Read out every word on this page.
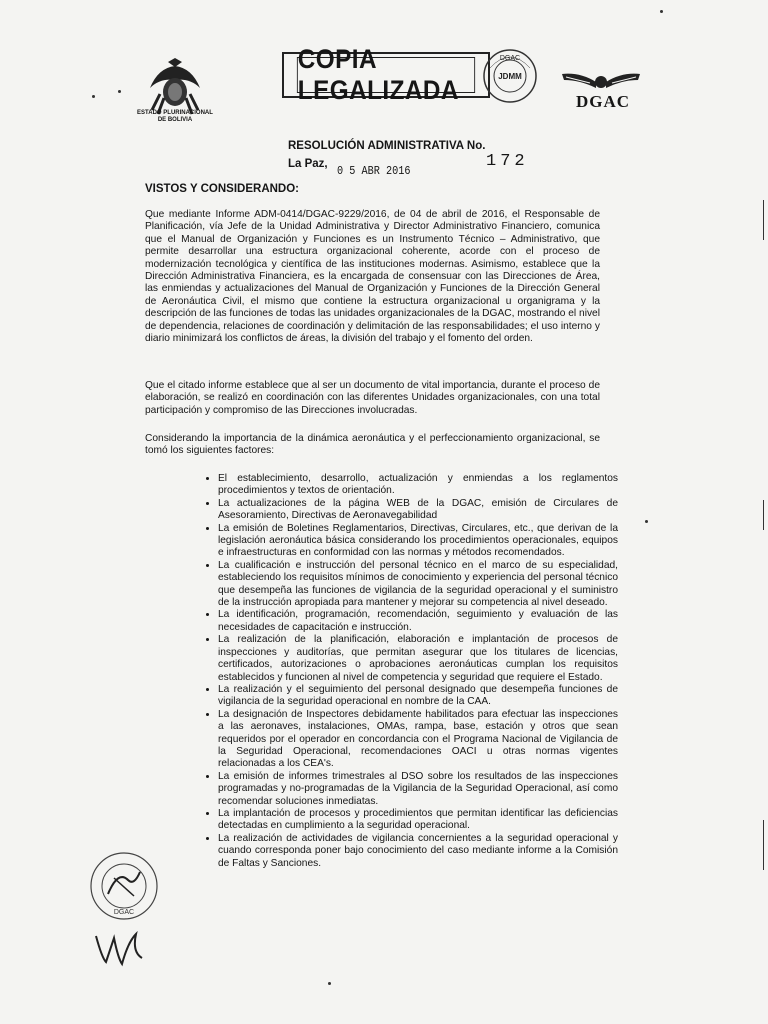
ESTADO PLURINACIONAL
DE BOLIVIA
COPIA LEGALIZADA
DGAC
JDMM
DGAC
RESOLUCIÓN ADMINISTRATIVA No.
La Paz, 0 5 ABR 2016	172
VISTOS Y CONSIDERANDO:
Que mediante Informe ADM-0414/DGAC-9229/2016, de 04 de abril de 2016, el Responsable de Planificación, vía Jefe de la Unidad Administrativa y Director Administrativo Financiero, comunica que el Manual de Organización y Funciones es un Instrumento Técnico – Administrativo, que permite desarrollar una estructura organizacional coherente, acorde con el proceso de modernización tecnológica y científica de las instituciones modernas. Asimismo, establece que la Dirección Administrativa Financiera, es la encargada de consensuar con las Direcciones de Área, las enmiendas y actualizaciones del Manual de Organización y Funciones de la Dirección General de Aeronáutica Civil, el mismo que contiene la estructura organizacional u organigrama y la descripción de las funciones de todas las unidades organizacionales de la DGAC, mostrando el nivel de dependencia, relaciones de coordinación y delimitación de las responsabilidades; el uso interno y diario minimizará los conflictos de áreas, la división del trabajo y el fomento del orden.
Que el citado informe establece que al ser un documento de vital importancia, durante el proceso de elaboración, se realizó en coordinación con las diferentes Unidades organizacionales, con una total participación y compromiso de las Direcciones involucradas.
Considerando la importancia de la dinámica aeronáutica y el perfeccionamiento organizacional, se tomó los siguientes factores:
• El establecimiento, desarrollo, actualización y enmiendas a los reglamentos procedimientos y textos de orientación.
• La actualizaciones de la página WEB de la DGAC, emisión de Circulares de Asesoramiento, Directivas de Aeronavegabilidad
• La emisión de Boletines Reglamentarios, Directivas, Circulares, etc., que derivan de la legislación aeronáutica básica considerando los procedimientos operacionales, equipos e infraestructuras en conformidad con las normas y métodos recomendados.
• La cualificación e instrucción del personal técnico en el marco de su especialidad, estableciendo los requisitos mínimos de conocimiento y experiencia del personal técnico que desempeña las funciones de vigilancia de la seguridad operacional y el suministro de la instrucción apropiada para mantener y mejorar su competencia al nivel deseado.
• La identificación, programación, recomendación, seguimiento y evaluación de las necesidades de capacitación e instrucción.
• La realización de la planificación, elaboración e implantación de procesos de inspecciones y auditorías, que permitan asegurar que los titulares de licencias, certificados, autorizaciones o aprobaciones aeronáuticas cumplan los requisitos establecidos y funcionen al nivel de competencia y seguridad que requiere el Estado.
• La realización y el seguimiento del personal designado que desempeña funciones de vigilancia de la seguridad operacional en nombre de la CAA.
• La designación de Inspectores debidamente habilitados para efectuar las inspecciones a las aeronaves, instalaciones, OMAs, rampa, base, estación y otros que sean requeridos por el operador en concordancia con el Programa Nacional de Vigilancia de la Seguridad Operacional, recomendaciones OACI u otras normas vigentes relacionadas a los CEA's.
• La emisión de informes trimestrales al DSO sobre los resultados de las inspecciones programadas y no-programadas de la Vigilancia de la Seguridad Operacional, así como recomendar soluciones inmediatas.
• La implantación de procesos y procedimientos que permitan identificar las deficiencias detectadas en cumplimiento a la seguridad operacional.
• La realización de actividades de vigilancia concernientes a la seguridad operacional y cuando corresponda poner bajo conocimiento del caso mediante informe a la Comisión de Faltas y Sanciones.
DGAC
